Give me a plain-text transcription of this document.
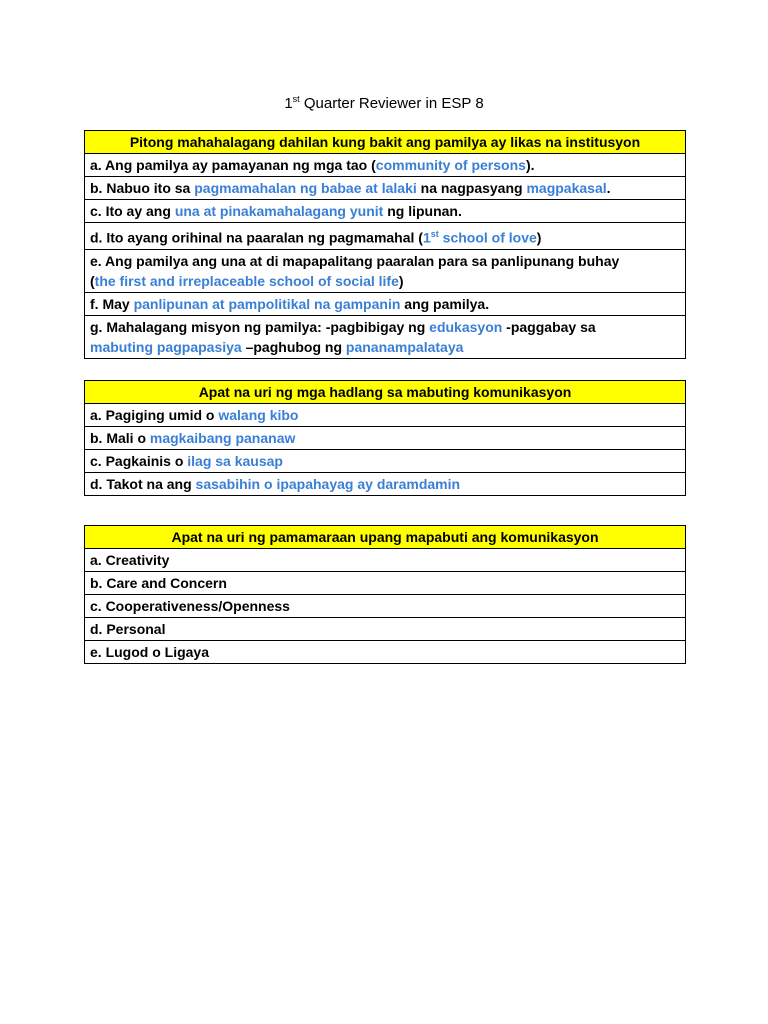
1st Quarter Reviewer in ESP 8
Pitong mahahalagang dahilan kung bakit ang pamilya ay likas na institusyon
a. Ang pamilya ay pamayanan ng mga tao (community of persons).
b. Nabuo ito sa pagmamahalan ng babae at lalaki na nagpasyang magpakasal.
c. Ito ay ang una at pinakamahalagang yunit ng lipunan.
d. Ito ayang orihinal na paaralan ng pagmamahal (1st school of love)

e. Ang pamilya ang una at di mapapalitang paaralan para sa panlipunang buhay
(the first and irreplaceable school of social life)
f. May panlipunan at pampolitikal na gampanin ang pamilya.
g. Mahalagang misyon ng pamilya: -pagbibigay ng edukasyon -paggabay sa
mabuting pagpapasiya –paghubog ng pananampalataya
Apat na uri ng mga hadlang sa mabuting komunikasyon
a. Pagiging umid o walang kibo
b. Mali o magkaibang pananaw
c. Pagkainis o ilag sa kausap
d. Takot na ang sasabihin o ipapahayag ay daramdamin
Apat na uri ng pamamaraan upang mapabuti ang komunikasyon
a. Creativity
b. Care and Concern
c. Cooperativeness/Openness
d. Personal
e. Lugod o Ligaya
